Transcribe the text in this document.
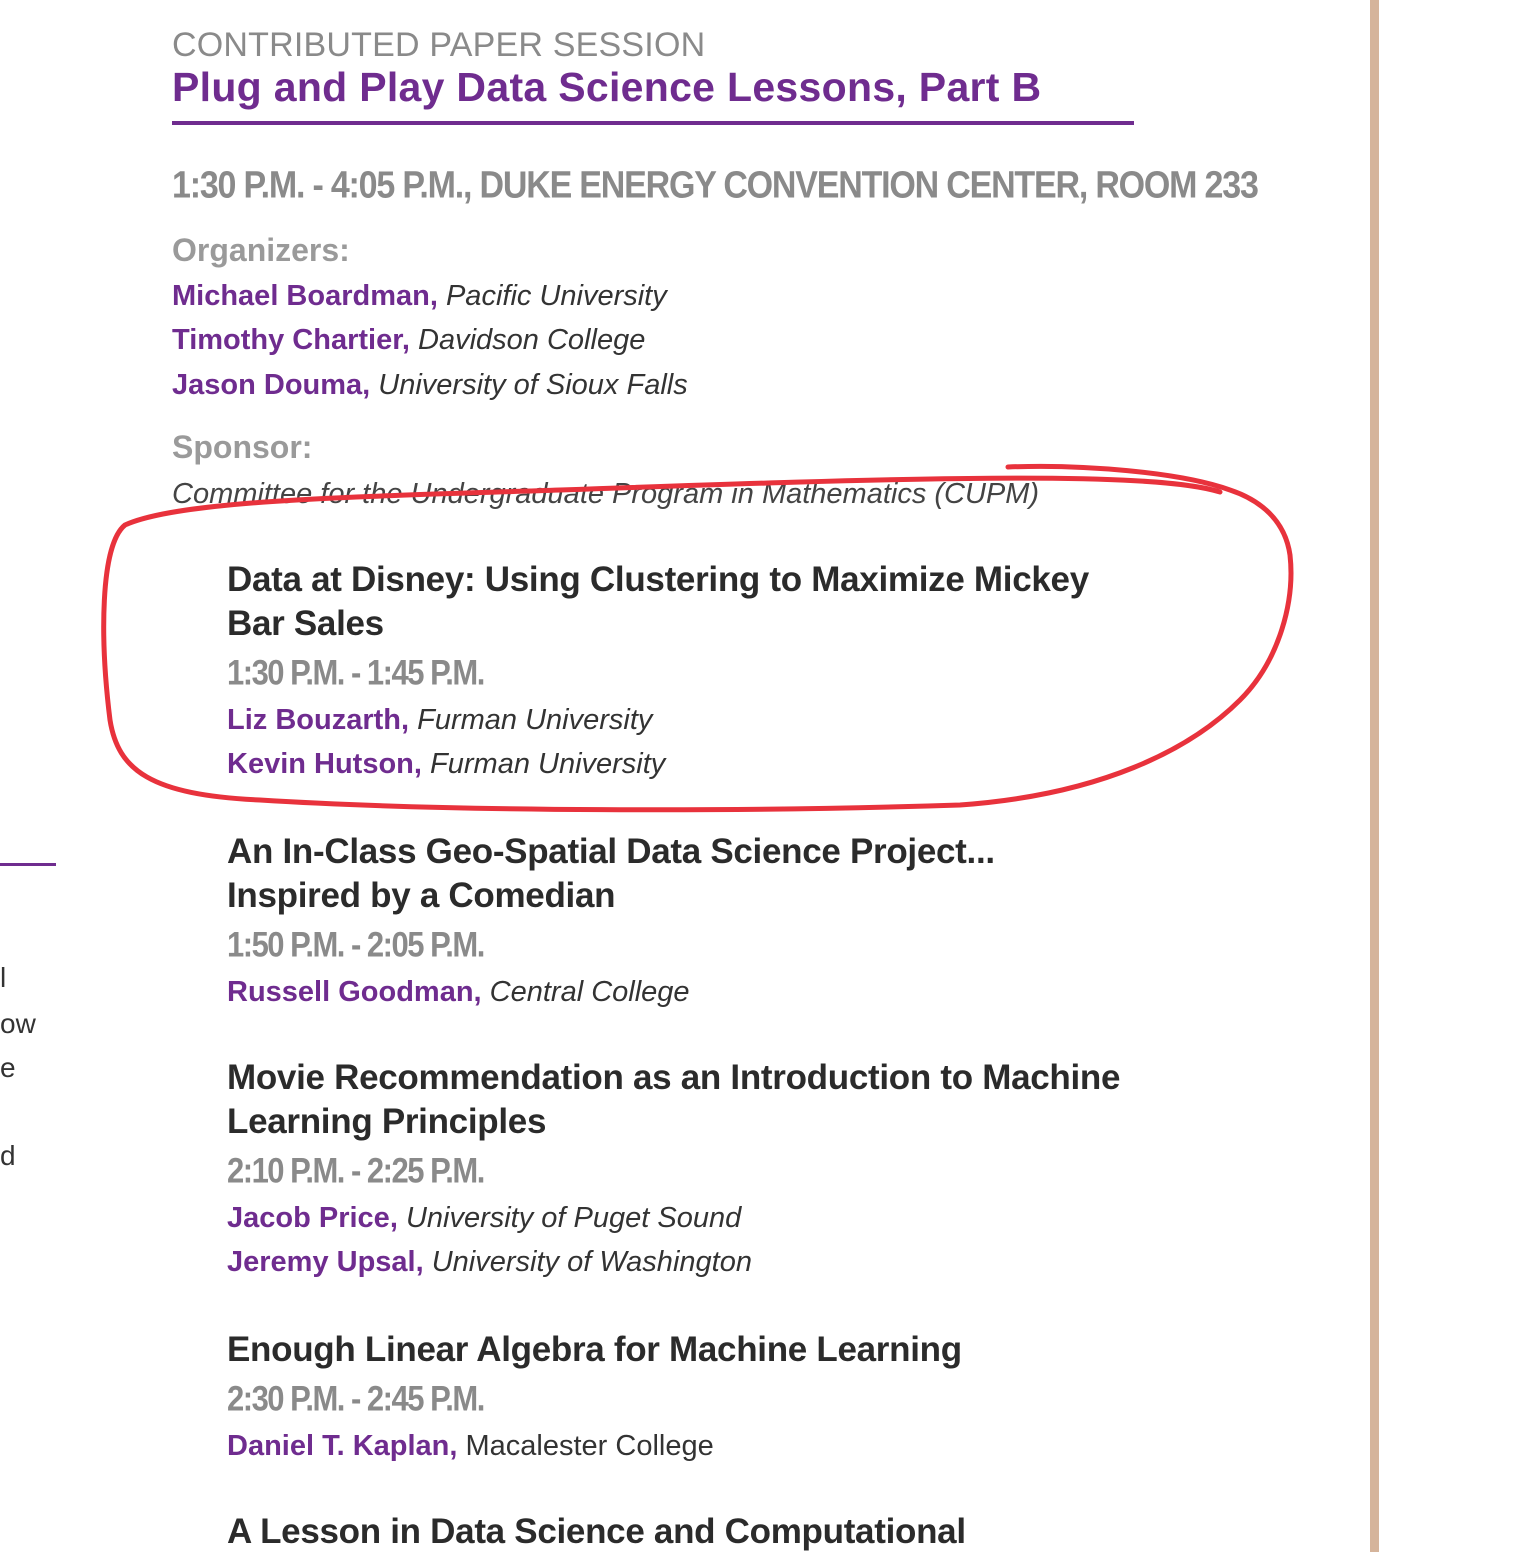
l
ow
e
d
CONTRIBUTED PAPER SESSION
Plug and Play Data Science Lessons, Part B
1:30 P.M. - 4:05 P.M., DUKE ENERGY CONVENTION CENTER, ROOM 233
Organizers:
Michael Boardman, Pacific University
Timothy Chartier, Davidson College
Jason Douma, University of Sioux Falls
Sponsor:
Committee for the Undergraduate Program in Mathematics (CUPM)
Data at Disney: Using Clustering to Maximize Mickey Bar Sales
1:30 P.M. - 1:45 P.M.
Liz Bouzarth, Furman University
Kevin Hutson, Furman University
An In-Class Geo-Spatial Data Science Project... Inspired by a Comedian
1:50 P.M. - 2:05 P.M.
Russell Goodman, Central College
Movie Recommendation as an Introduction to Machine Learning Principles
2:10 P.M. - 2:25 P.M.
Jacob Price, University of Puget Sound
Jeremy Upsal, University of Washington
Enough Linear Algebra for Machine Learning
2:30 P.M. - 2:45 P.M.
Daniel T. Kaplan, Macalester College
A Lesson in Data Science and Computational
